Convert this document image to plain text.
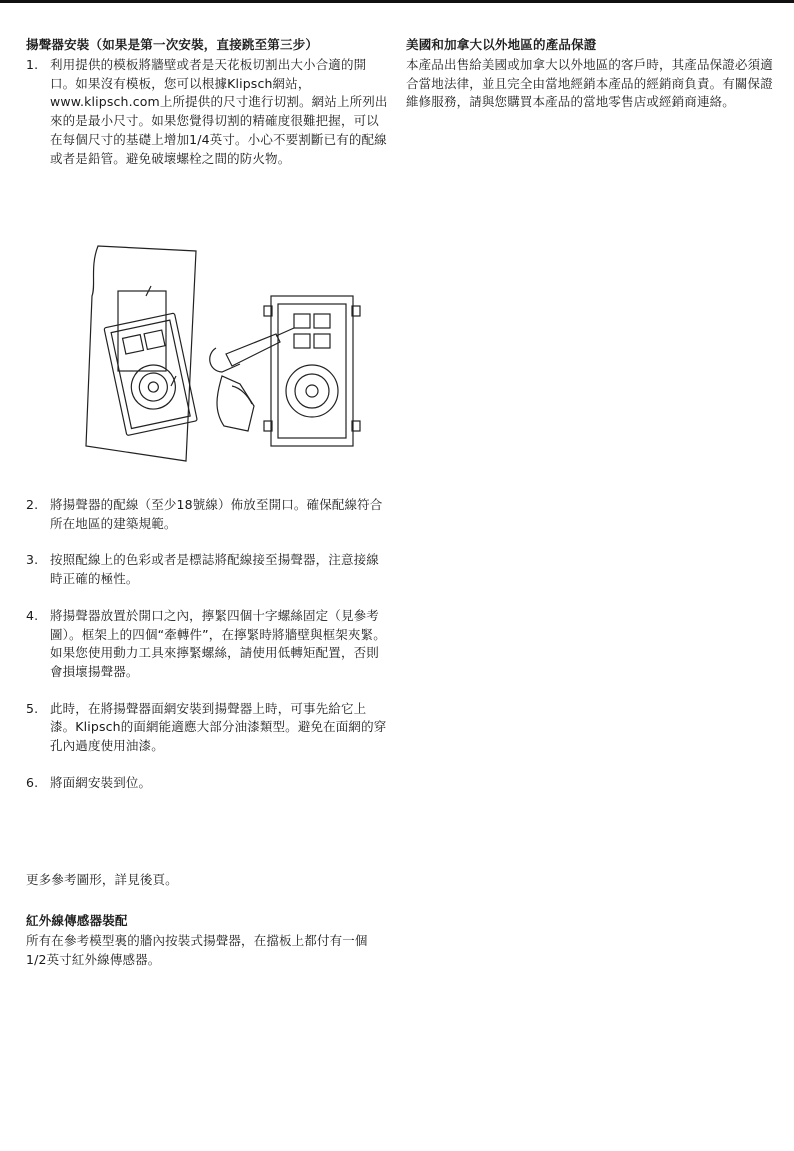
揚聲器安裝（如果是第一次安裝，直接跳至第三步）
1. 利用提供的模板將牆壁或者是天花板切割出大小合適的開口。如果沒有模板，您可以根據Klipsch網站，www.klipsch.com上所提供的尺寸進行切割。網站上所列出來的是最小尺寸。如果您覺得切割的精確度很難把握，可以在每個尺寸的基礎上增加1/4英寸。小心不要割斷已有的配線或者是鉛管。避免破壞螺栓之間的防火物。
2. 將揚聲器的配線（至少18號線）佈放至開口。確保配線符合所在地區的建築規範。
3. 按照配線上的色彩或者是標誌將配線接至揚聲器，注意接線時正確的極性。
4. 將揚聲器放置於開口之內，擰緊四個十字螺絲固定（見參考圖）。框架上的四個“牽轉件”，在擰緊時將牆壁與框架夾緊。如果您使用動力工具來擰緊螺絲，請使用低轉矩配置，否則會損壞揚聲器。
5. 此時，在將揚聲器面網安裝到揚聲器上時，可事先給它上漆。Klipsch的面網能適應大部分油漆類型。避免在面網的穿孔內過度使用油漆。
6. 將面網安裝到位。

更多參考圖形，詳見後頁。

紅外線傳感器裝配

所有在參考模型裏的牆內按裝式揚聲器，在擋板上都付有一個1/2英寸紅外線傳感器。

美國和加拿大以外地區的產品保證

本產品出售給美國或加拿大以外地區的客戶時，其產品保證必須適合當地法律，並且完全由當地經銷本產品的經銷商負責。有關保證維修服務，請與您購買本產品的當地零售店或經銷商連絡。
